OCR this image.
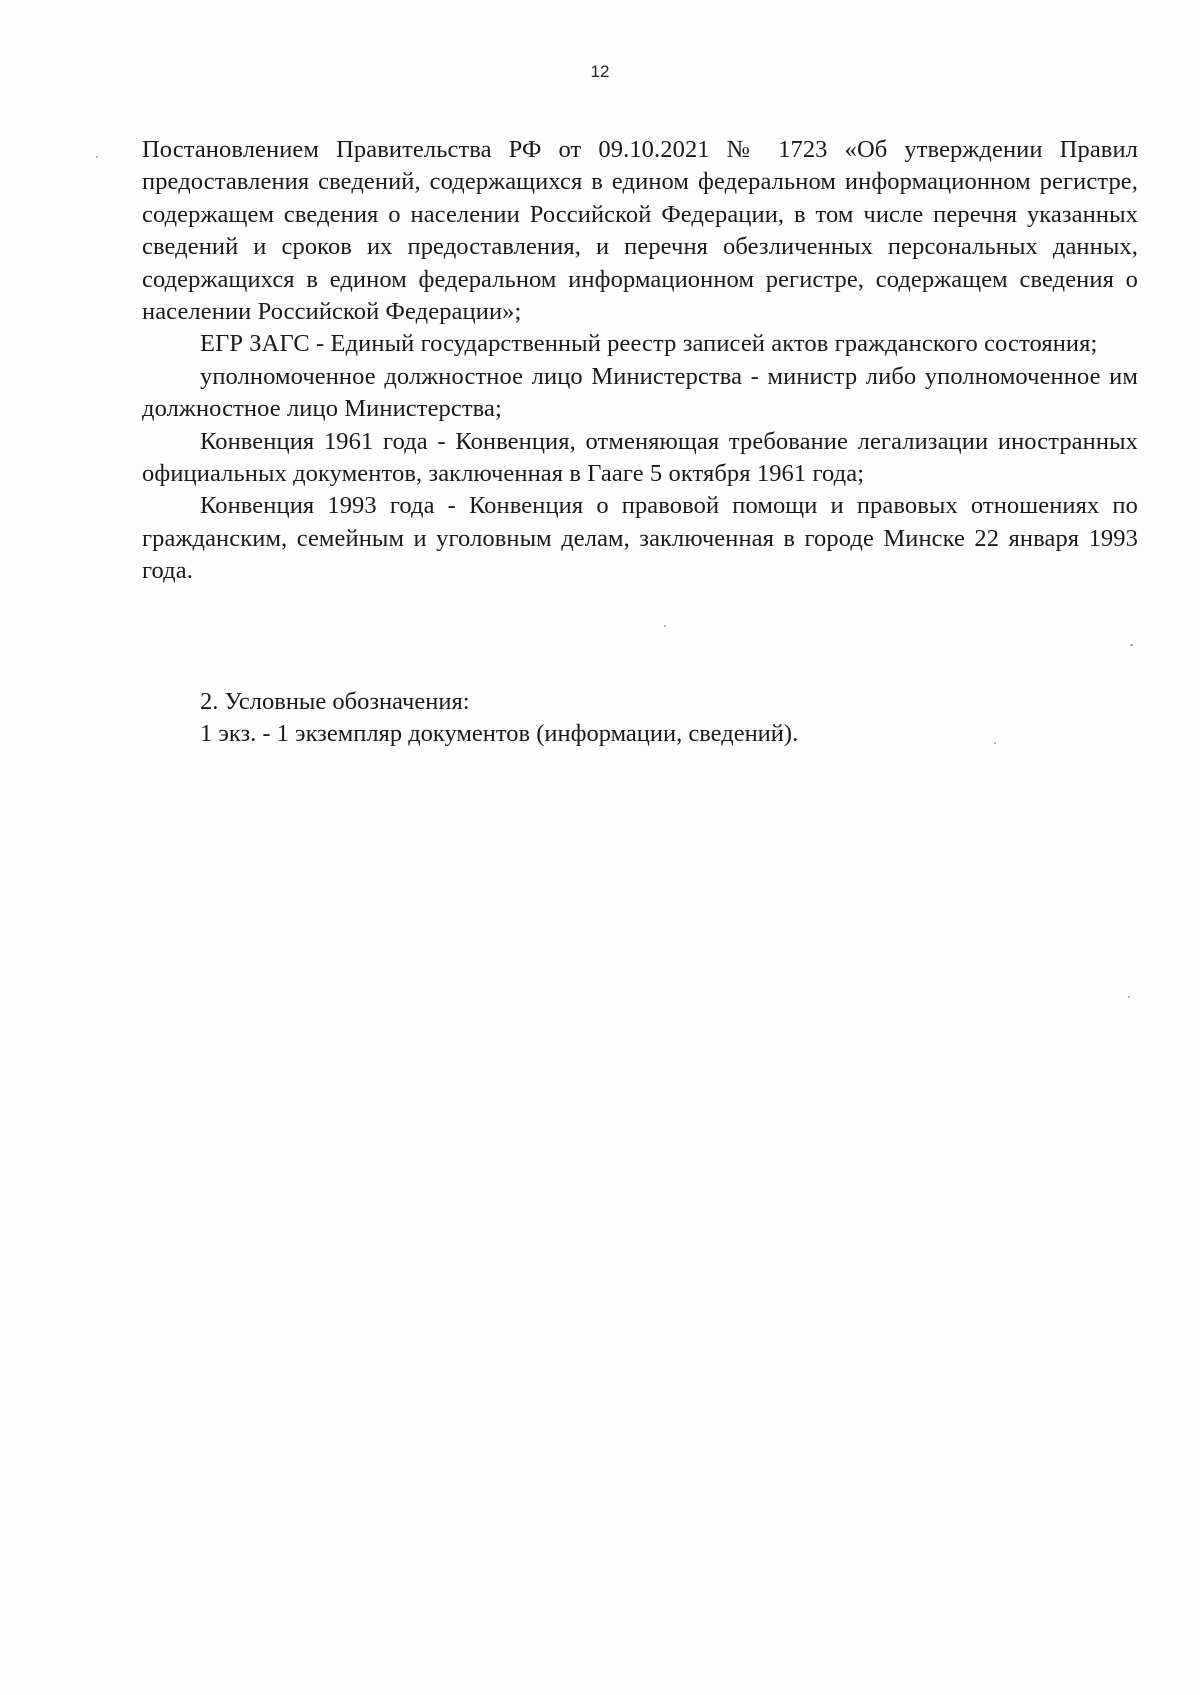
12

Постановлением Правительства РФ от 09.10.2021 № 1723 «Об утверждении Правил предоставления сведений, содержащихся в едином федеральном информационном регистре, содержащем сведения о населении Российской Федерации, в том числе перечня указанных сведений и сроков их предоставления, и перечня обезличенных персональных данных, содержащихся в едином федеральном информационном регистре, содержащем сведения о населении Российской Федерации»;

ЕГР ЗАГС - Единый государственный реестр записей актов гражданского состояния;

уполномоченное должностное лицо Министерства - министр либо уполномоченное им должностное лицо Министерства;

Конвенция 1961 года - Конвенция, отменяющая требование легализации иностранных официальных документов, заключенная в Гааге 5 октября 1961 года;

Конвенция 1993 года - Конвенция о правовой помощи и правовых отношениях по гражданским, семейным и уголовным делам, заключенная в городе Минске 22 января 1993 года.

2. Условные обозначения:

1 экз. - 1 экземпляр документов (информации, сведений).
